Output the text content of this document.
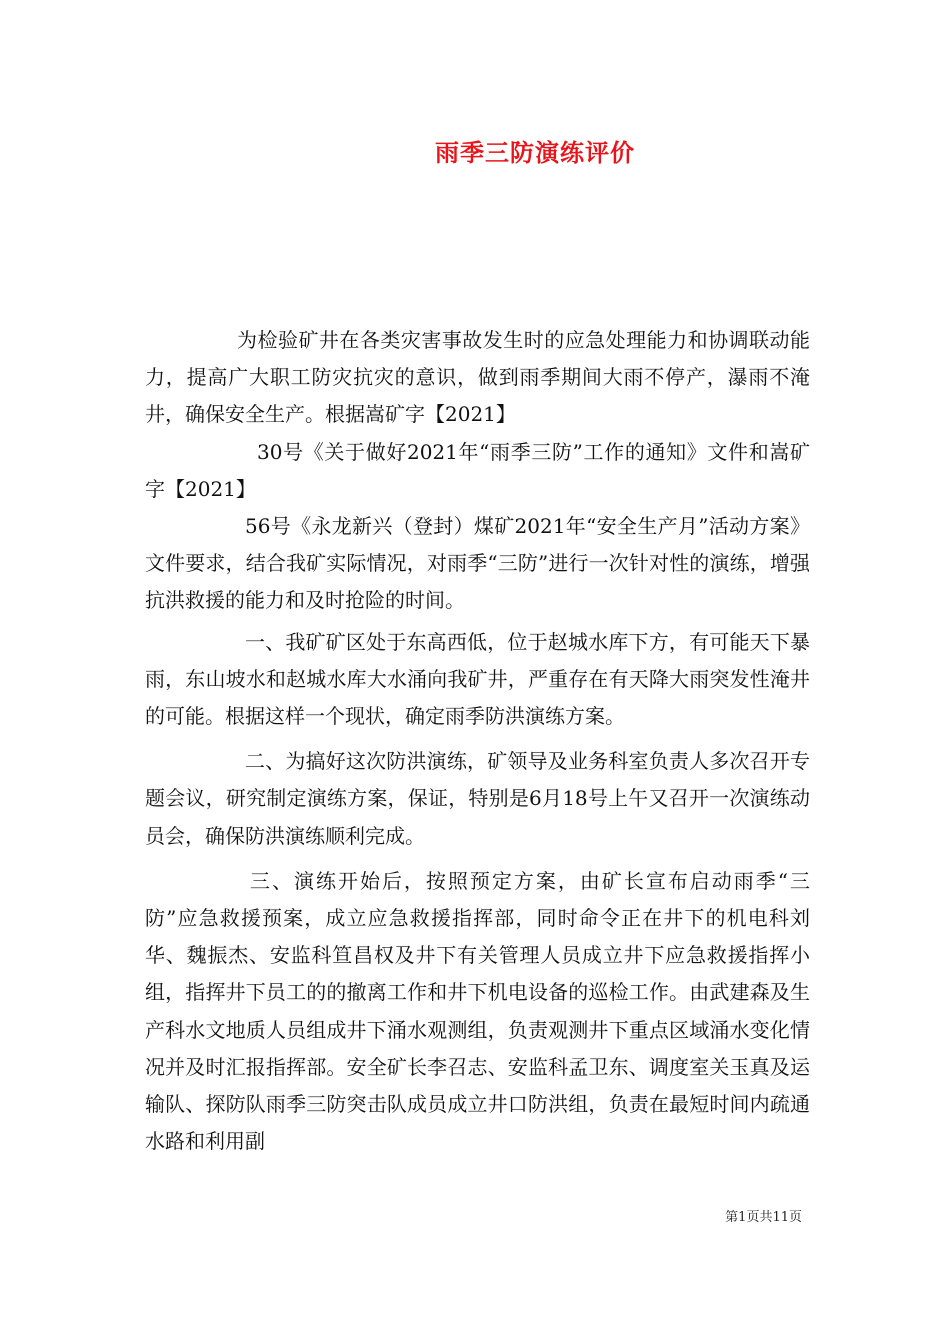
雨季三防演练评价

为检验矿井在各类灾害事故发生时的应急处理能力和协调联动能力，提高广大职工防灾抗灾的意识，做到雨季期间大雨不停产，瀑雨不淹井，确保安全生产。根据嵩矿字【2021】

30号《关于做好2021年“雨季三防”工作的通知》文件和嵩矿字【2021】

56号《永龙新兴（登封）煤矿2021年“安全生产月”活动方案》文件要求，结合我矿实际情况，对雨季“三防”进行一次针对性的演练，增强抗洪救援的能力和及时抢险的时间。

一、我矿矿区处于东高西低，位于赵城水库下方，有可能天下暴雨，东山坡水和赵城水库大水涌向我矿井，严重存在有天降大雨突发性淹井的可能。根据这样一个现状，确定雨季防洪演练方案。

二、为搞好这次防洪演练，矿领导及业务科室负责人多次召开专题会议，研究制定演练方案，保证，特别是6月18号上午又召开一次演练动员会，确保防洪演练顺利完成。

三、演练开始后，按照预定方案，由矿长宣布启动雨季“三防”应急救援预案，成立应急救援指挥部，同时命令正在井下的机电科刘华、魏振杰、安监科笪昌权及井下有关管理人员成立井下应急救援指挥小组，指挥井下员工的的撤离工作和井下机电设备的巡检工作。由武建森及生产科水文地质人员组成井下涌水观测组，负责观测井下重点区域涌水变化情况并及时汇报指挥部。安全矿长李召志、安监科孟卫东、调度室关玉真及运输队、探防队雨季三防突击队成员成立井口防洪组，负责在最短时间内疏通水路和利用副

第1页共11页
